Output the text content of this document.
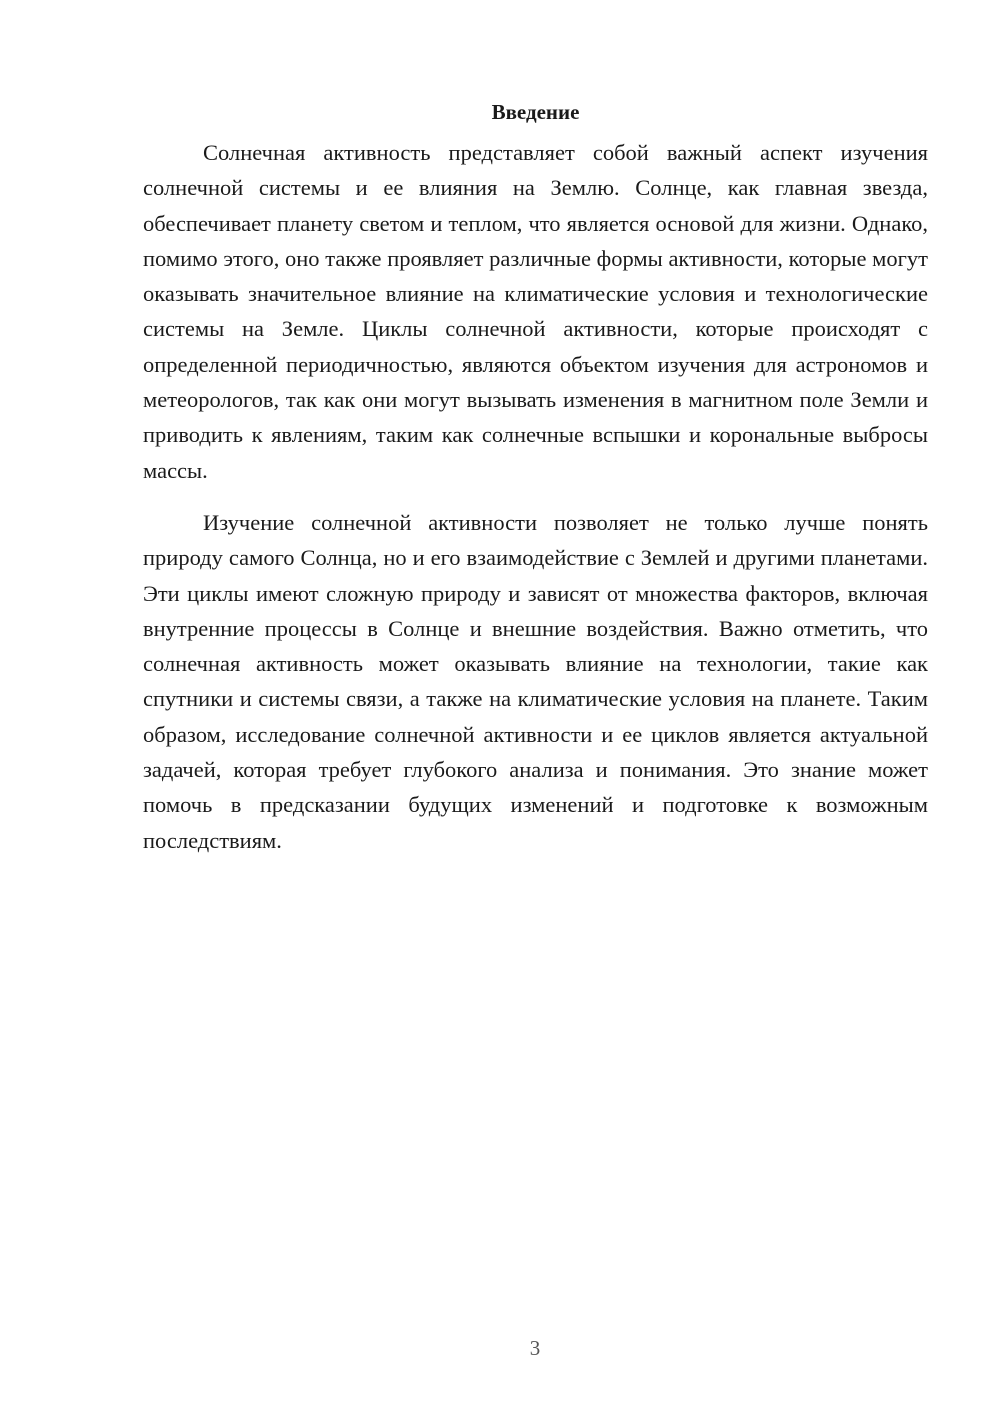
Введение

Солнечная активность представляет собой важный аспект изучения солнечной системы и ее влияния на Землю. Солнце, как главная звезда, обеспечивает планету светом и теплом, что является основой для жизни. Однако, помимо этого, оно также проявляет различные формы активности, которые могут оказывать значительное влияние на климатические условия и технологические системы на Земле. Циклы солнечной активности, которые происходят с определенной периодичностью, являются объектом изучения для астрономов и метеорологов, так как они могут вызывать изменения в магнитном поле Земли и приводить к явлениям, таким как солнечные вспышки и корональные выбросы массы.

Изучение солнечной активности позволяет не только лучше понять природу самого Солнца, но и его взаимодействие с Землей и другими планетами. Эти циклы имеют сложную природу и зависят от множества факторов, включая внутренние процессы в Солнце и внешние воздействия. Важно отметить, что солнечная активность может оказывать влияние на технологии, такие как спутники и системы связи, а также на климатические условия на планете. Таким образом, исследование солнечной активности и ее циклов является актуальной задачей, которая требует глубокого анализа и понимания. Это знание может помочь в предсказании будущих изменений и подготовке к возможным последствиям.

3
